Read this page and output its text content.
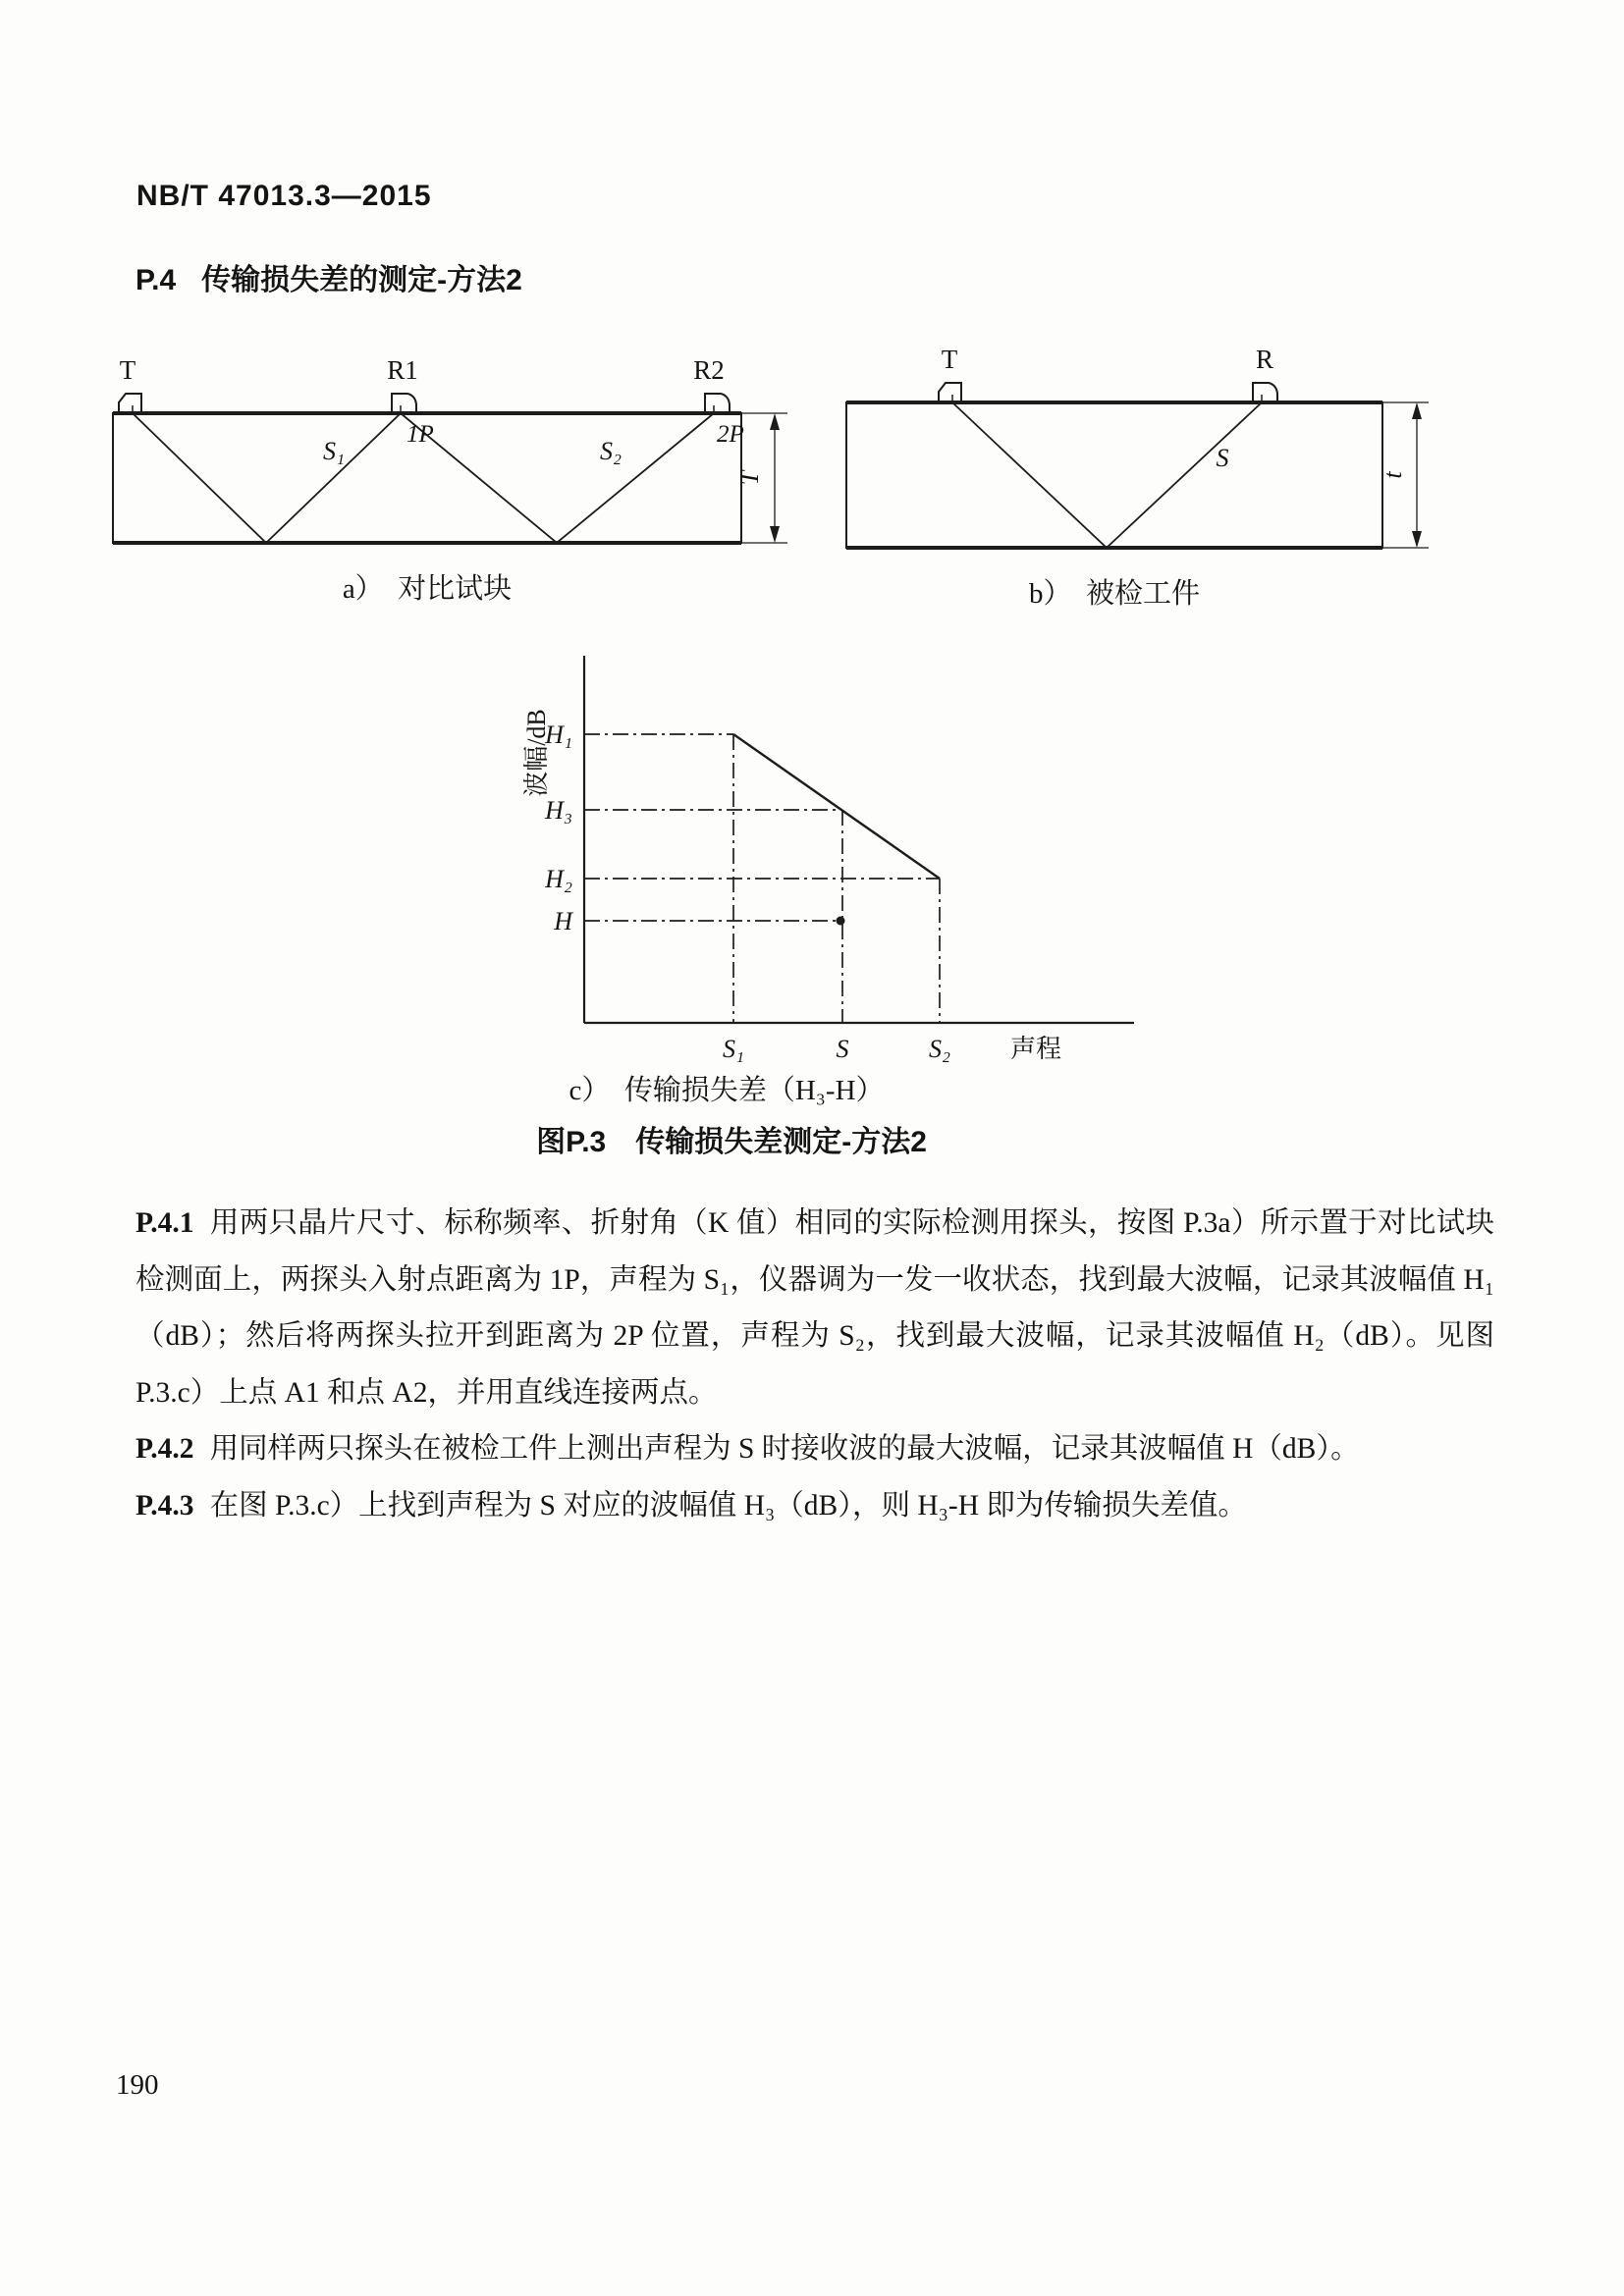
NB/T 47013.3—2015
P.4 传输损失差的测定-方法2
T	R1	R2
1P	2P
S₁	S₂
T
a）　对比试块
T	R
S
t
b）　被检工件
波幅/dB
H₁
H₃
H₂
H
S₁	S	S₂ 声程
c）　传输损失差（H₃-H）
图P.3　传输损失差测定-方法2

P.4.1 用两只晶片尺寸、标称频率、折射角（K 值）相同的实际检测用探头，按图 P.3a）所示置于对比试块检测面上，两探头入射点距离为 1P，声程为 S₁，仪器调为一发一收状态，找到最大波幅，记录其波幅值 H₁（dB）；然后将两探头拉开到距离为 2P 位置，声程为 S₂，找到最大波幅，记录其波幅值 H₂（dB）。见图 P.3.c）上点 A1 和点 A2，并用直线连接两点。

P.4.2 用同样两只探头在被检工件上测出声程为 S 时接收波的最大波幅，记录其波幅值 H（dB）。

P.4.3 在图 P.3.c）上找到声程为 S 对应的波幅值 H₃（dB），则 H₃-H 即为传输损失差值。

190
